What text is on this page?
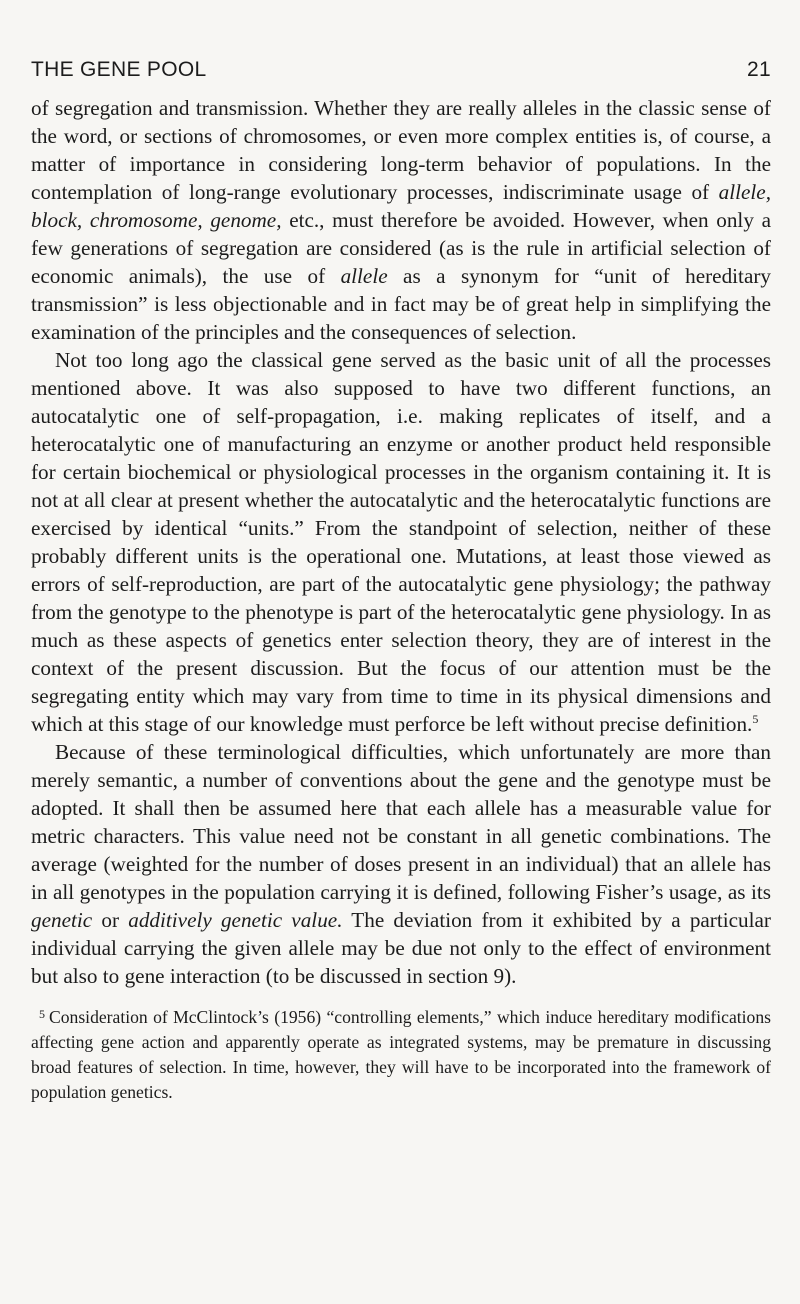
THE GENE POOL	21

of segregation and transmission. Whether they are really alleles in the classic sense of the word, or sections of chromosomes, or even more complex entities is, of course, a matter of importance in considering long-term behavior of populations. In the contemplation of long-range evolutionary processes, indiscriminate usage of allele, block, chromosome, genome, etc., must therefore be avoided. However, when only a few generations of segregation are considered (as is the rule in artificial selection of economic animals), the use of allele as a synonym for “unit of hereditary transmission” is less objectionable and in fact may be of great help in simplifying the examination of the principles and the consequences of selection.

Not too long ago the classical gene served as the basic unit of all the processes mentioned above. It was also supposed to have two different functions, an autocatalytic one of self-propagation, i.e. making replicates of itself, and a heterocatalytic one of manufacturing an enzyme or another product held responsible for certain biochemical or physiological processes in the organism containing it. It is not at all clear at present whether the autocatalytic and the heterocatalytic functions are exercised by identical “units.” From the standpoint of selection, neither of these probably different units is the operational one. Mutations, at least those viewed as errors of self-reproduction, are part of the autocatalytic gene physiology; the pathway from the genotype to the phenotype is part of the heterocatalytic gene physiology. In as much as these aspects of genetics enter selection theory, they are of interest in the context of the present discussion. But the focus of our attention must be the segregating entity which may vary from time to time in its physical dimensions and which at this stage of our knowledge must perforce be left without precise definition.$^5$

Because of these terminological difficulties, which unfortunately are more than merely semantic, a number of conventions about the gene and the genotype must be adopted. It shall then be assumed here that each allele has a measurable value for metric characters. This value need not be constant in all genetic combinations. The average (weighted for the number of doses present in an individual) that an allele has in all genotypes in the population carrying it is defined, following Fisher’s usage, as its genetic or additively genetic value. The deviation from it exhibited by a particular individual carrying the given allele may be due not only to the effect of environment but also to gene interaction (to be discussed in section 9).

$^5$ Consideration of McClintock’s (1956) “controlling elements,” which induce hereditary modifications affecting gene action and apparently operate as integrated systems, may be premature in discussing broad features of selection. In time, however, they will have to be incorporated into the framework of population genetics.
